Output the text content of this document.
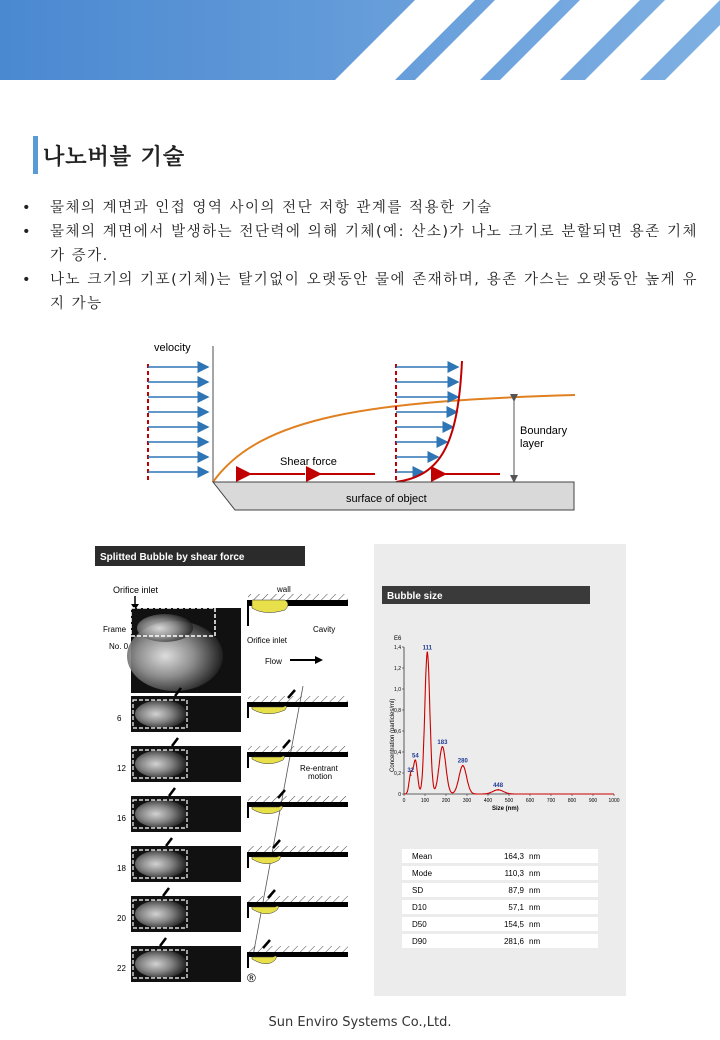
나노버블 기술
• 물체의 계면과 인접 영역 사이의 전단 저항 관계를 적용한 기술
• 물체의 계면에서 발생하는 전단력에 의해 기체(예: 산소)가 나노 크기로 분할되면 용존 기체가 증가.
• 나노 크기의 기포(기체)는 탈기없이 오랫동안 물에 존재하며, 용존 가스는 오랫동안 높게 유지 가능
velocity
Shear force
Boundary
layer
surface of object
Splitted Bubble by shear force
Orifice inlet
Frame
No. 0
wall
Cavity
Orifice inlet
Flow
Re-entrant
motion
®
6
12
16
18
20
22
Bubble size
Concentration (particles/ml)
E6
Size (nm)
0	100	200	300	400	500	600	700	800	900 1000
0
0,2
0,4
0,6
0,8
1,0
1,2
1,4
32
54
111
183
280
448
Mean	164,3 nm
Mode	110,3 nm
SD	87,9 nm
D10	57,1 nm
D50	154,5 nm
D90	281,6 nm
Sun Enviro Systems Co.,Ltd.
